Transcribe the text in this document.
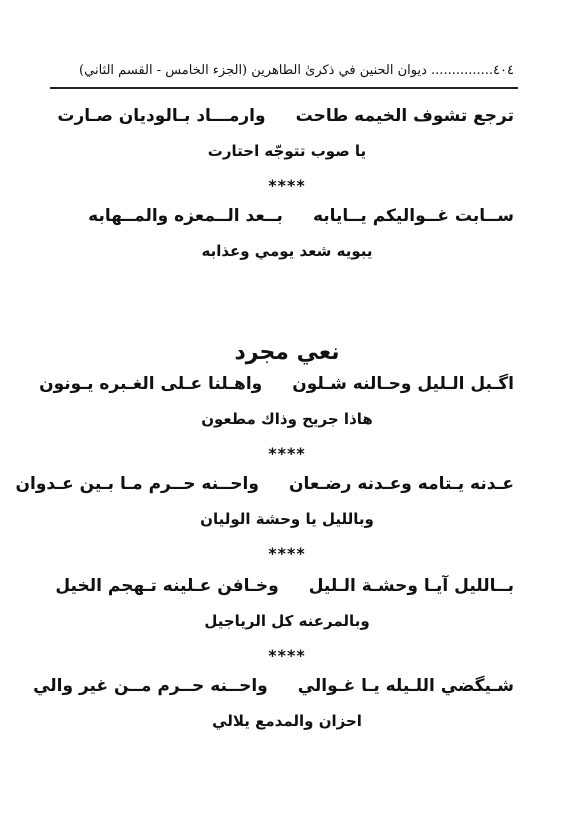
٤٠٤............... ديوان الحنين في ذكرىٰ الطاهرين (الجزء الخامس - القسم الثاني)
ترجع تشوف الخيمه طاحتوارمـــاد بـالوديان صـارت
يا صوب تتوجّه احتارت
****
ســابت غــواليكم يــايابهبــعد الــمعزه والمــهابه
يبويه شعد يومي وعذابه
نعي مجرد
اگـبل الـليل وحـالنه شـلونواهـلنا عـلى الغـبره يـونون
هاذا جريح وذاك مطعون
****
عـدنه يـتامه وعـدنه رضـعانواحــنه حــرم مـا بـين عـدوان
وبالليل يا وحشة الوليان
****
بــالليل آيـا وحشـة الـليلوخـافن عـلينه تـهجم الخيل
وبالمرعنه كل الرياجيل
****
شـيگضي اللـيله يـا غـواليواحــنه حــرم مــن غير والي
احزان والمدمع يلالي
